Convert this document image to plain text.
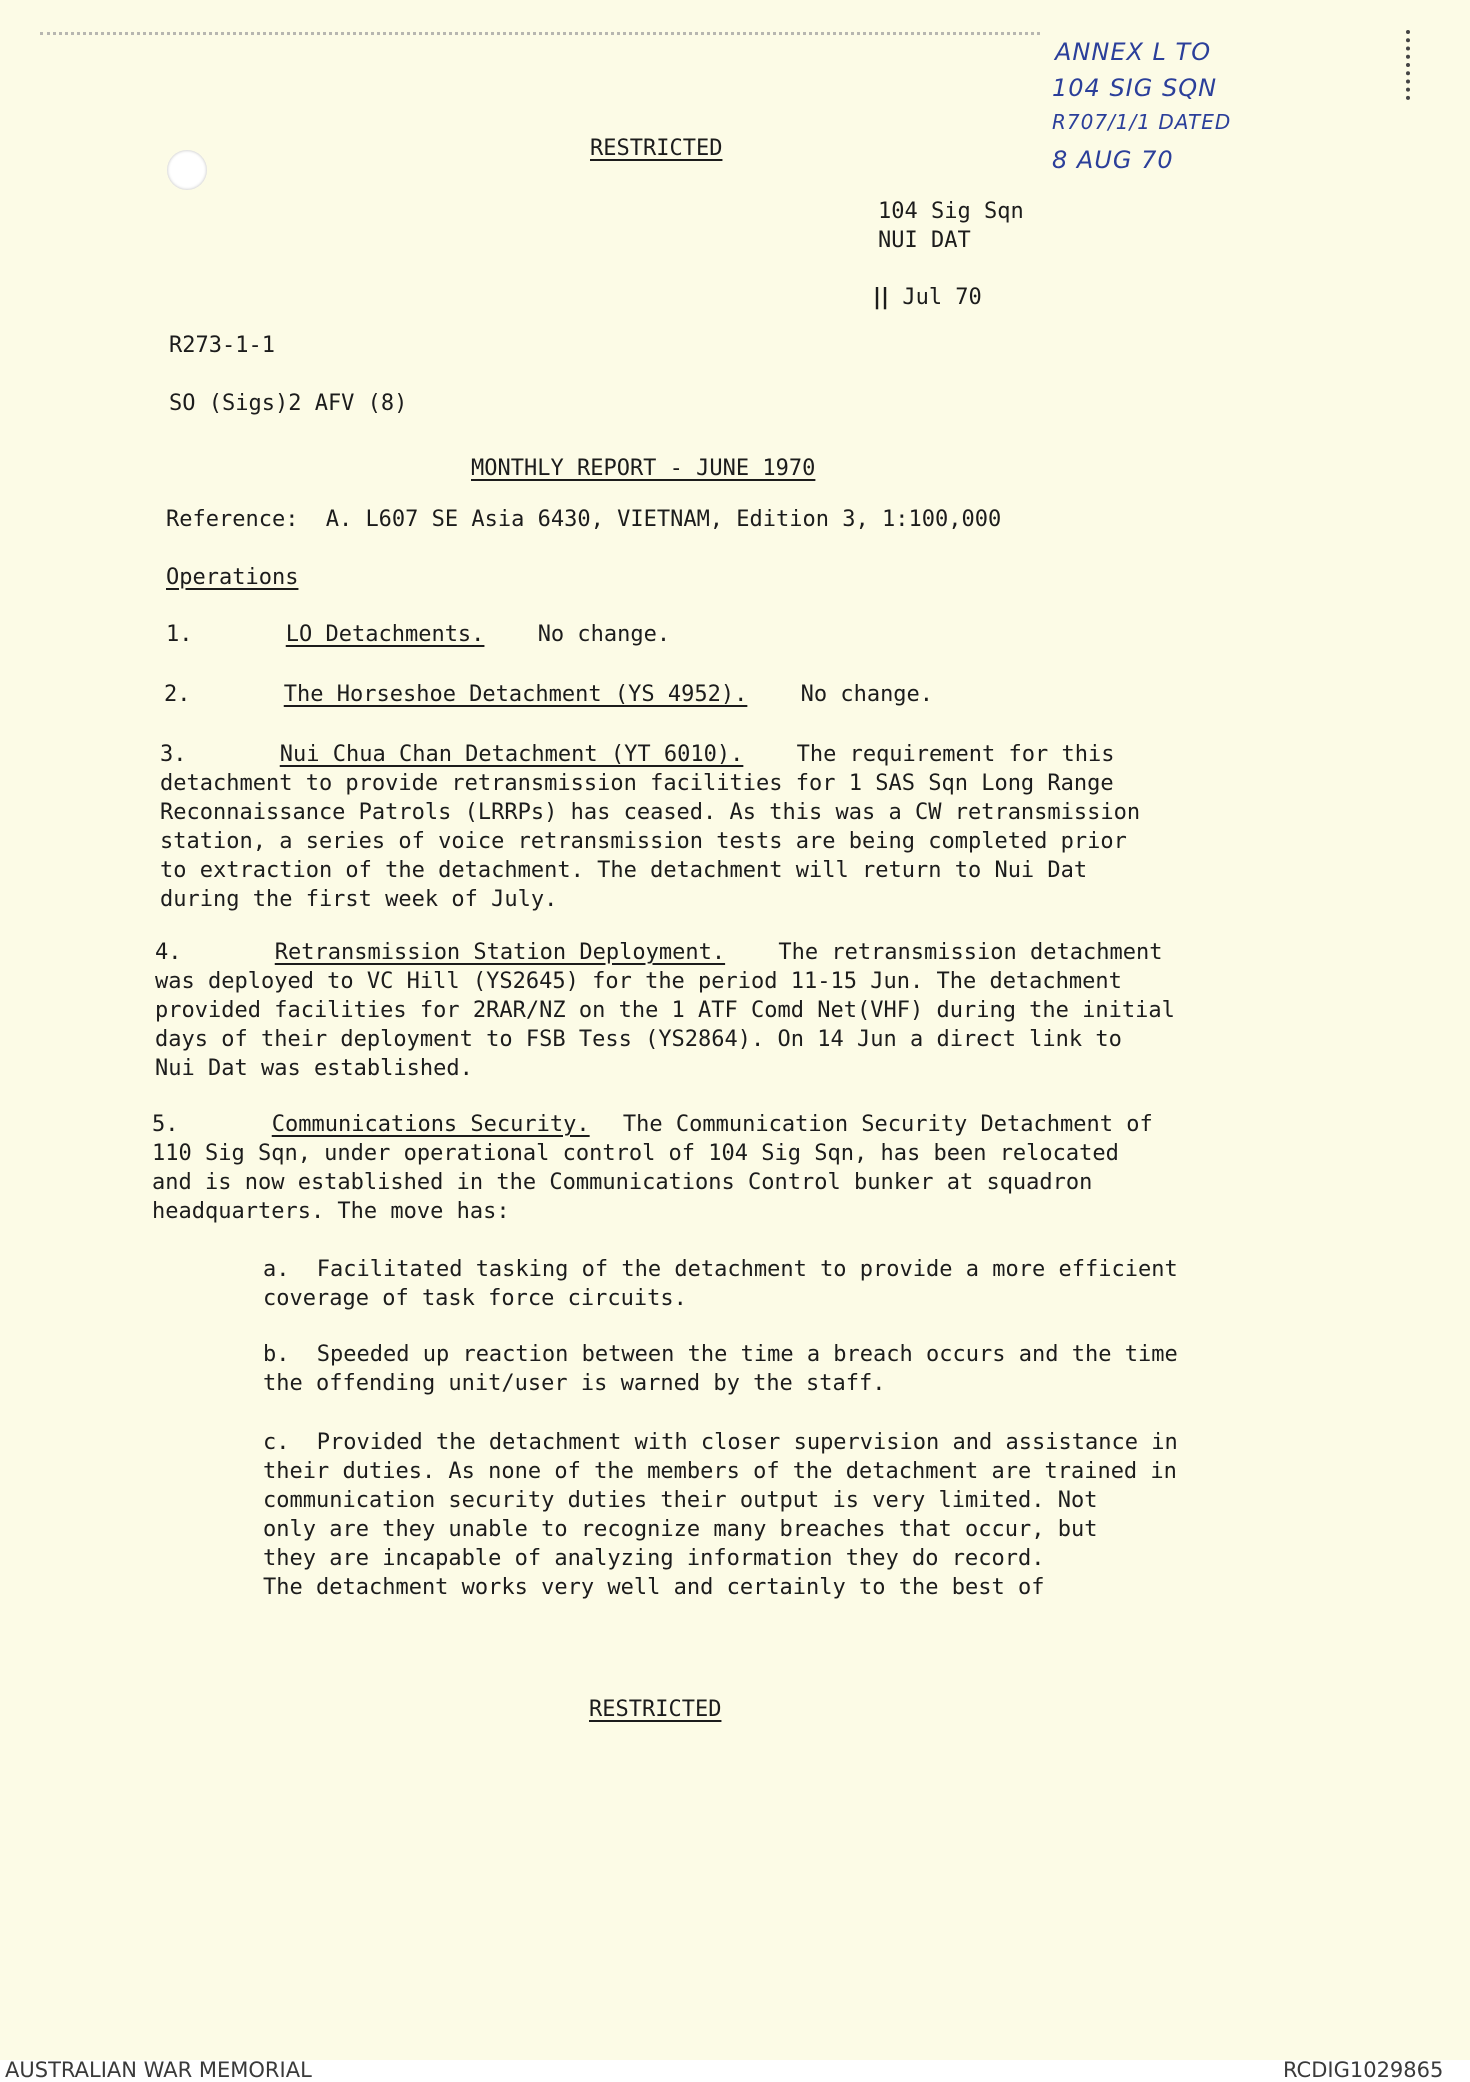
ANNEX L TO
104 SIG SQN
R707/1/1 DATED
8 AUG 70
RESTRICTED
104 Sig Sqn
NUI DAT
|| Jul 70
R273-1-1
SO (Sigs)2 AFV (8)
MONTHLY REPORT - JUNE 1970
Reference: A. L607 SE Asia 6430, VIETNAM, Edition 3, 1:100,000
Operations
1.	LO Detachments. No change.
2.	The Horseshoe Detachment (YS 4952). No change.
3.	Nui Chua Chan Detachment (YT 6010). The requirement for this
detachment to provide retransmission facilities for 1 SAS Sqn Long Range
Reconnaissance Patrols (LRRPs) has ceased. As this was a CW retransmission
station, a series of voice retransmission tests are being completed prior
to extraction of the detachment. The detachment will return to Nui Dat
during the first week of July.
4.	Retransmission Station Deployment. The retransmission detachment
was deployed to VC Hill (YS2645) for the period 11-15 Jun. The detachment
provided facilities for 2RAR/NZ on the 1 ATF Comd Net(VHF) during the initial
days of their deployment to FSB Tess (YS2864). On 14 Jun a direct link to
Nui Dat was established.
5.	Communications Security. The Communication Security Detachment of
110 Sig Sqn, under operational control of 104 Sig Sqn, has been relocated
and is now established in the Communications Control bunker at squadron
headquarters. The move has:
a. Facilitated tasking of the detachment to provide a more efficient
coverage of task force circuits.
b. Speeded up reaction between the time a breach occurs and the time
the offending unit/user is warned by the staff.
c. Provided the detachment with closer supervision and assistance in
their duties. As none of the members of the detachment are trained in
communication security duties their output is very limited. Not
only are they unable to recognize many breaches that occur, but
they are incapable of analyzing information they do record.
The detachment works very well and certainly to the best of
RESTRICTED
AUSTRALIAN WAR MEMORIAL	RCDIG1029865
